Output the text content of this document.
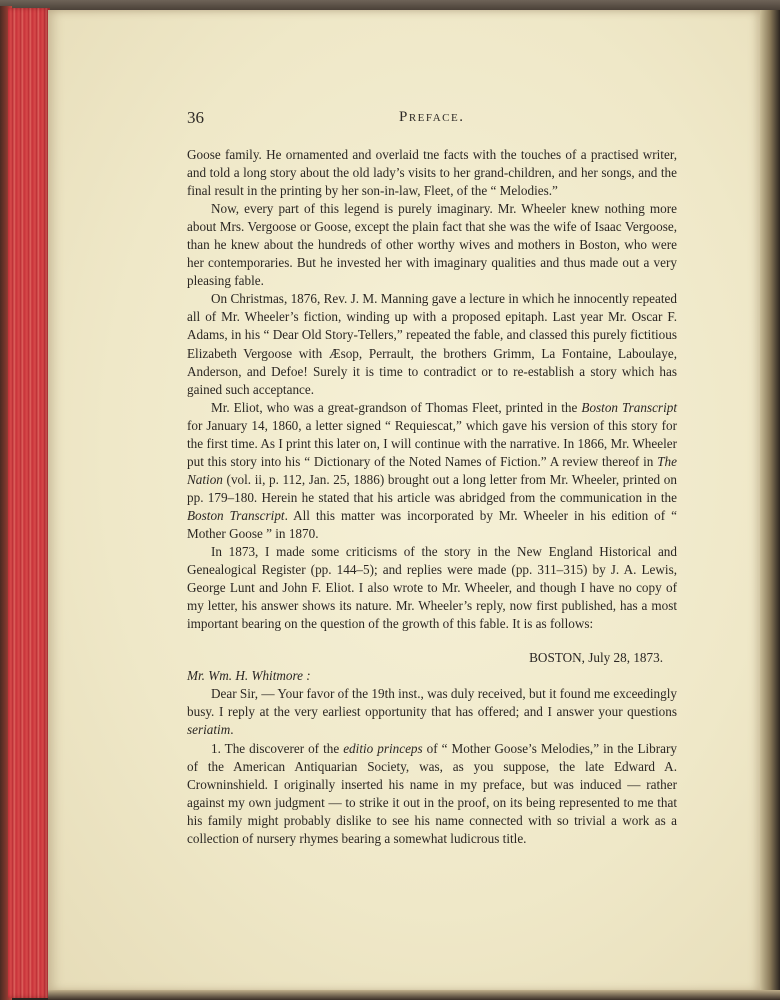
36	Preface.

Goose family. He ornamented and overlaid tne facts with the touches of a practised writer, and told a long story about the old lady’s visits to her grand-children, and her songs, and the final result in the printing by her son-in-law, Fleet, of the “ Melodies.”

Now, every part of this legend is purely imaginary. Mr. Wheeler knew nothing more about Mrs. Vergoose or Goose, except the plain fact that she was the wife of Isaac Vergoose, than he knew about the hundreds of other worthy wives and mothers in Boston, who were her contemporaries. But he invested her with imaginary qualities and thus made out a very pleasing fable.

On Christmas, 1876, Rev. J. M. Manning gave a lecture in which he innocently repeated all of Mr. Wheeler’s fiction, winding up with a proposed epitaph. Last year Mr. Oscar F. Adams, in his “ Dear Old Story-Tellers,” repeated the fable, and classed this purely fictitious Elizabeth Vergoose with Æsop, Perrault, the brothers Grimm, La Fontaine, Laboulaye, Anderson, and Defoe! Surely it is time to contradict or to re-establish a story which has gained such acceptance.

Mr. Eliot, who was a great-grandson of Thomas Fleet, printed in the Boston Transcript for January 14, 1860, a letter signed “ Requiescat,” which gave his version of this story for the first time. As I print this later on, I will continue with the narrative. In 1866, Mr. Wheeler put this story into his “ Dictionary of the Noted Names of Fiction.” A review thereof in The Nation (vol. ii, p. 112, Jan. 25, 1886) brought out a long letter from Mr. Wheeler, printed on pp. 179–180. Herein he stated that his article was abridged from the communication in the Boston Transcript. All this matter was incorporated by Mr. Wheeler in his edition of “ Mother Goose ” in 1870.

In 1873, I made some criticisms of the story in the New England Historical and Genealogical Register (pp. 144–5); and replies were made (pp. 311–315) by J. A. Lewis, George Lunt and John F. Eliot. I also wrote to Mr. Wheeler, and though I have no copy of my letter, his answer shows its nature. Mr. Wheeler’s reply, now first published, has a most important bearing on the question of the growth of this fable. It is as follows:

BOSTON, July 28, 1873.

Mr. Wm. H. Whitmore :

Dear Sir, — Your favor of the 19th inst., was duly received, but it found me exceedingly busy. I reply at the very earliest opportunity that has offered; and I answer your questions seriatim.

1. The discoverer of the editio princeps of “ Mother Goose’s Melodies,” in the Library of the American Antiquarian Society, was, as you suppose, the late Edward A. Crowninshield. I originally inserted his name in my preface, but was induced — rather against my own judgment — to strike it out in the proof, on its being represented to me that his family might probably dislike to see his name connected with so trivial a work as a collection of nursery rhymes bearing a somewhat ludicrous title.
